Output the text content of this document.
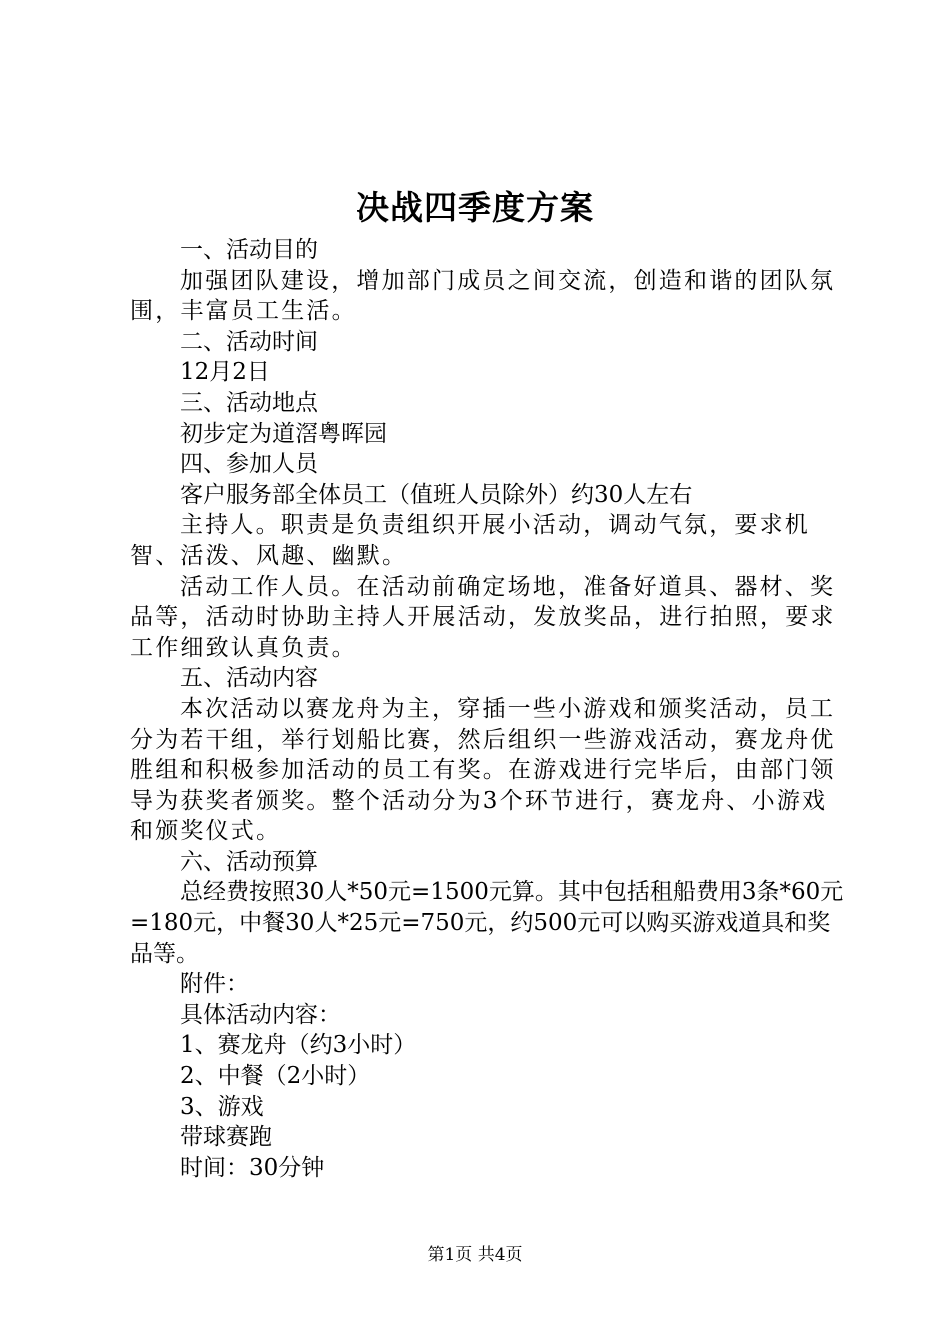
决战四季度方案

一、活动目的

加强团队建设，增加部门成员之间交流，创造和谐的团队氛围，丰富员工生活。

二、活动时间

12月2日

三、活动地点

初步定为道滘粤晖园

四、参加人员

客户服务部全体员工（值班人员除外）约30人左右

主持人。职责是负责组织开展小活动，调动气氛，要求机智、活泼、风趣、幽默。

活动工作人员。在活动前确定场地，准备好道具、器材、奖品等，活动时协助主持人开展活动，发放奖品，进行拍照，要求工作细致认真负责。

五、活动内容

本次活动以赛龙舟为主，穿插一些小游戏和颁奖活动，员工分为若干组，举行划船比赛，然后组织一些游戏活动，赛龙舟优胜组和积极参加活动的员工有奖。在游戏进行完毕后，由部门领导为获奖者颁奖。整个活动分为3个环节进行，赛龙舟、小游戏和颁奖仪式。

六、活动预算

总经费按照30人*50元=1500元算。其中包括租船费用3条*60元=180元，中餐30人*25元=750元，约500元可以购买游戏道具和奖品等。

附件：

具体活动内容：

1、赛龙舟（约3小时）

2、中餐（2小时）

3、游戏

带球赛跑

时间：30分钟

第1页 共4页
